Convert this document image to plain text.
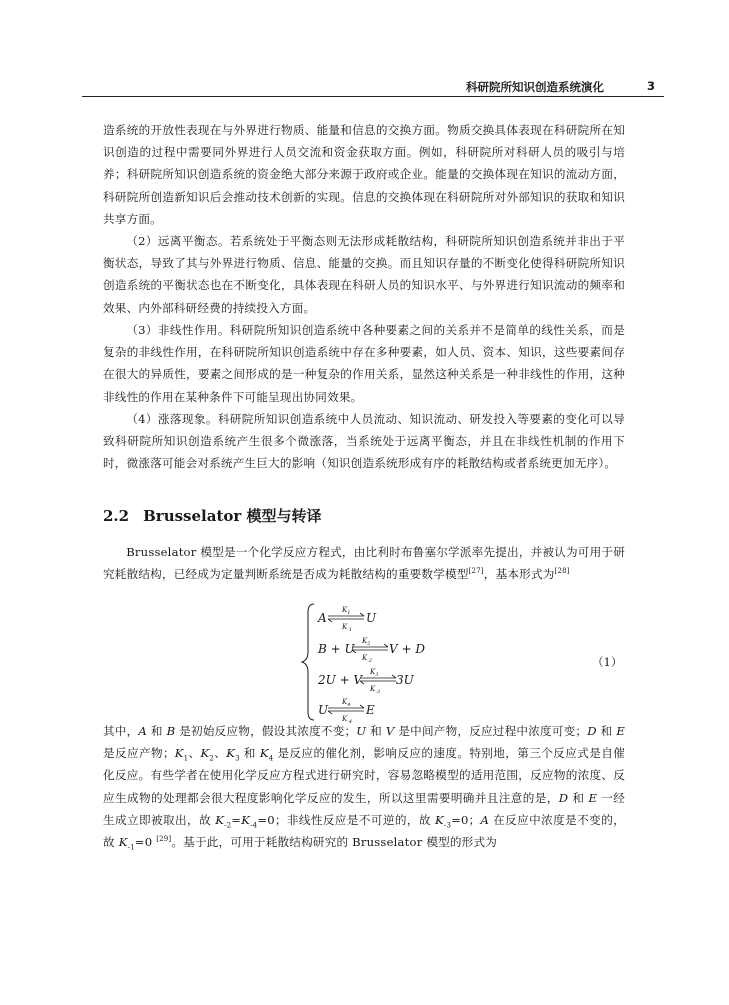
科研院所知识创造系统演化	3

造系统的开放性表现在与外界进行物质、能量和信息的交换方面。物质交换具体表现在科研院所在知识创造的过程中需要同外界进行人员交流和资金获取方面。例如，科研院所对科研人员的吸引与培养；科研院所知识创造系统的资金绝大部分来源于政府或企业。能量的交换体现在知识的流动方面，科研院所创造新知识后会推动技术创新的实现。信息的交换体现在科研院所对外部知识的获取和知识共享方面。

（2）远离平衡态。若系统处于平衡态则无法形成耗散结构，科研院所知识创造系统并非出于平衡状态，导致了其与外界进行物质、信息、能量的交换。而且知识存量的不断变化使得科研院所知识创造系统的平衡状态也在不断变化，具体表现在科研人员的知识水平、与外界进行知识流动的频率和效果、内外部科研经费的持续投入方面。

（3）非线性作用。科研院所知识创造系统中各种要素之间的关系并不是简单的线性关系，而是复杂的非线性作用，在科研院所知识创造系统中存在多种要素，如人员、资本、知识，这些要素间存在很大的异质性，要素之间形成的是一种复杂的作用关系，显然这种关系是一种非线性的作用，这种非线性的作用在某种条件下可能呈现出协同效果。

（4）涨落现象。科研院所知识创造系统中人员流动、知识流动、研发投入等要素的变化可以导致科研院所知识创造系统产生很多个微涨落，当系统处于远离平衡态，并且在非线性机制的作用下时，微涨落可能会对系统产生巨大的影响（知识创造系统形成有序的耗散结构或者系统更加无序）。

2.2 Brusselator 模型与转译

Brusselator 模型是一个化学反应方程式，由比利时布鲁塞尔学派率先提出，并被认为可用于研究耗散结构，已经成为定量判断系统是否成为耗散结构的重要数学模型[27]，基本形式为[28]

A
$K_1$
$K_{-1}$
U
B + U
$K_2$
$K_{-2}$
V + D
2U + V
$K_3$
$K_{-3}$
3U
U
$K_4$
$K_{-4}$
E
（1）

其中，A 和 B 是初始反应物，假设其浓度不变；U 和 V 是中间产物，反应过程中浓度可变；D 和 E 是反应产物；$K_1$、$K_2$、$K_3$ 和 $K_4$ 是反应的催化剂，影响反应的速度。特别地，第三个反应式是自催化反应。有些学者在使用化学反应方程式进行研究时，容易忽略模型的适用范围，反应物的浓度、反应生成物的处理都会很大程度影响化学反应的发生，所以这里需要明确并且注意的是，D 和 E 一经生成立即被取出，故 $K_{-2}=K_{-4}=0$；非线性反应是不可逆的，故 $K_{-3}=0$；A 在反应中浓度是不变的，故 $K_{-1}=0$ [29]。基于此，可用于耗散结构研究的 Brusselator 模型的形式为
